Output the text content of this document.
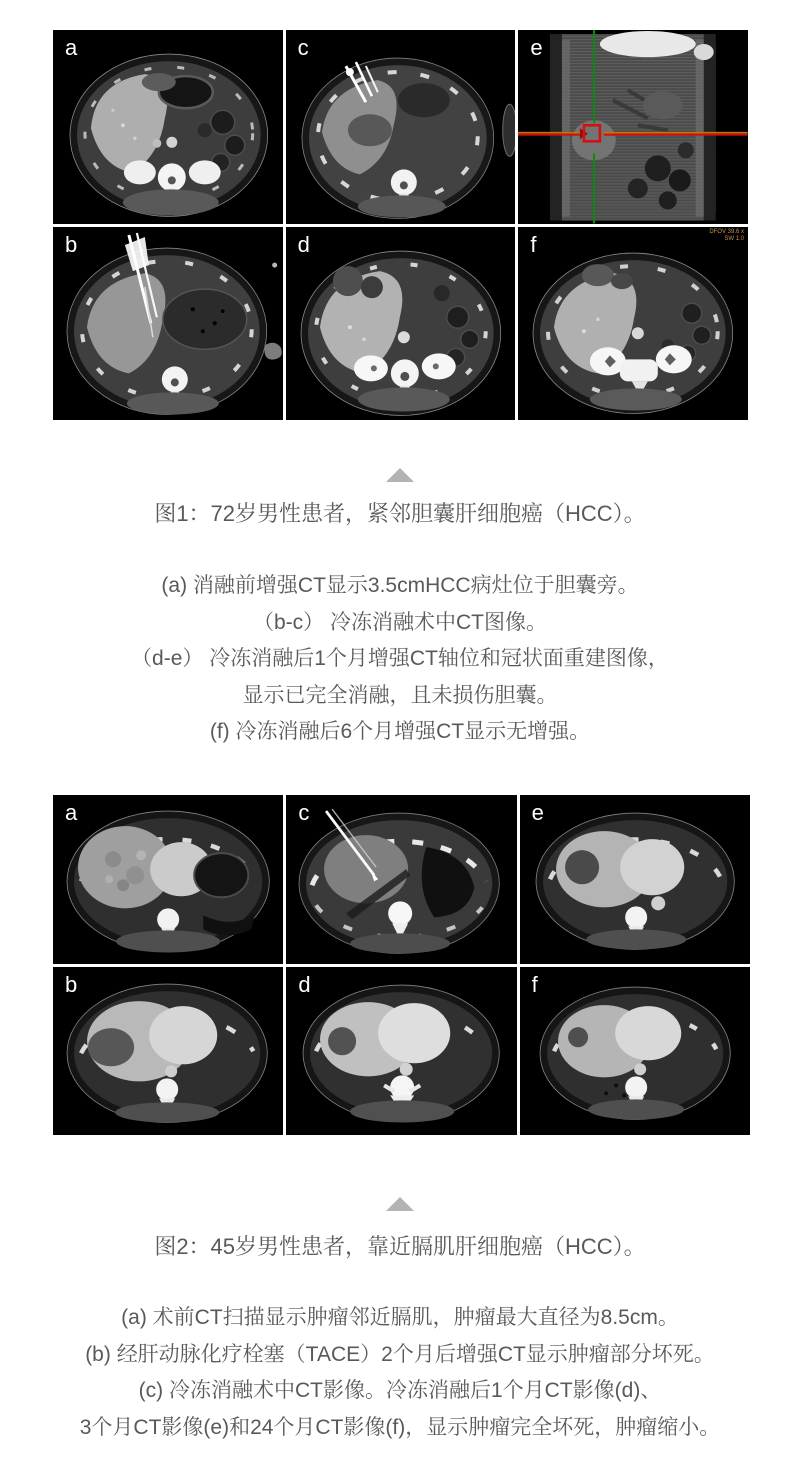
a	c	e
b	d	f	DFOV 39.6 x
SW 1.0
图1：72岁男性患者，紧邻胆囊肝细胞癌（HCC）。
(a) 消融前增强CT显示3.5cmHCC病灶位于胆囊旁。
（b-c） 冷冻消融术中CT图像。
（d-e） 冷冻消融后1个月增强CT轴位和冠状面重建图像，
显示已完全消融，且未损伤胆囊。
(f) 冷冻消融后6个月增强CT显示无增强。
a	c	e
b	d	f
图2：45岁男性患者，靠近膈肌肝细胞癌（HCC）。
(a) 术前CT扫描显示肿瘤邻近膈肌，肿瘤最大直径为8.5cm。
(b) 经肝动脉化疗栓塞（TACE）2个月后增强CT显示肿瘤部分坏死。
(c) 冷冻消融术中CT影像。冷冻消融后1个月CT影像(d)、
3个月CT影像(e)和24个月CT影像(f)，显示肿瘤完全坏死，肿瘤缩小。
